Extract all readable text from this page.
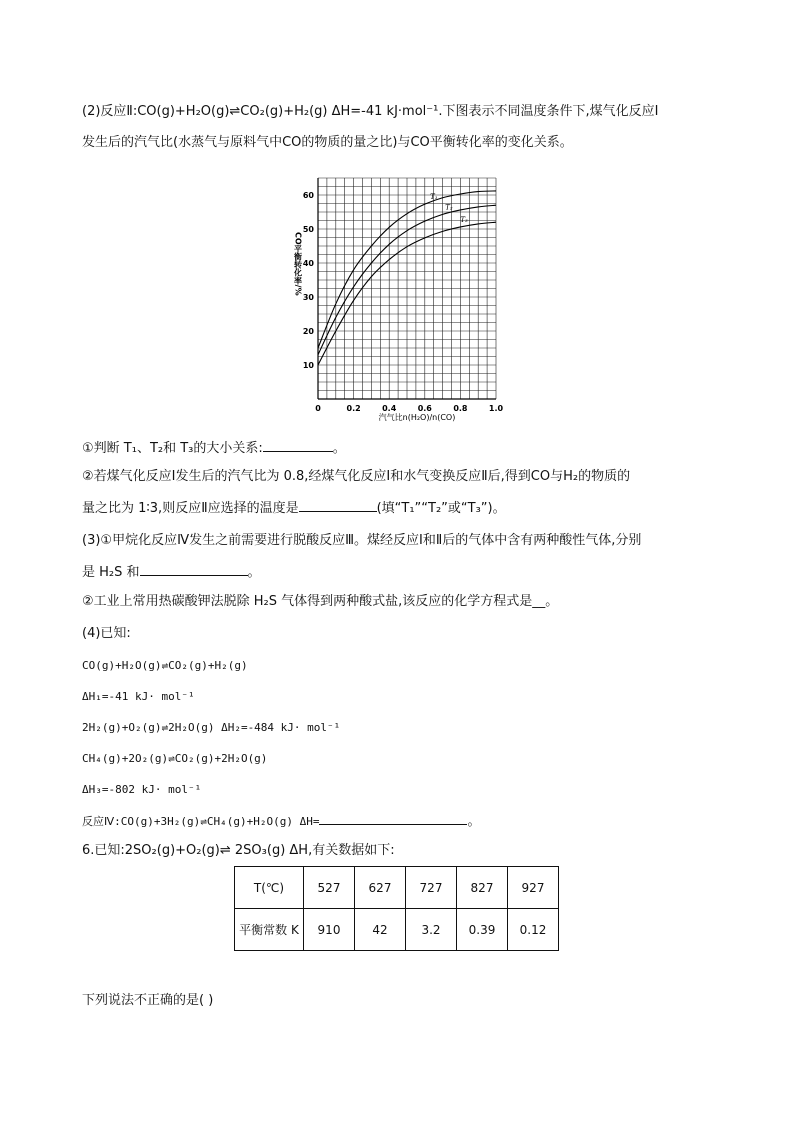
(2)反应Ⅱ:CO(g)+H₂O(g)⇌CO₂(g)+H₂(g) ΔH=-41 kJ·mol⁻¹.下图表示不同温度条件下,煤气化反应Ⅰ
发生后的汽气比(水蒸气与原料气中CO的物质的量之比)与CO平衡转化率的变化关系。
0	0.2	0.4	0.6	0.8	1.0
10
20
30
40
50
60	T₁
T₂
T₃
汽气比n(H₂O)/n(CO)
CO平衡转化率/%
①判断 T₁、T₂和 T₃的大小关系:	。
②若煤气化反应Ⅰ发生后的汽气比为 0.8,经煤气化反应Ⅰ和水气变换反应Ⅱ后,得到CO与H₂的物质的
量之比为 1∶3,则反应Ⅱ应选择的温度是	(填“T₁”“T₂”或“T₃”)。
(3)①甲烷化反应Ⅳ发生之前需要进行脱酸反应Ⅲ。煤经反应Ⅰ和Ⅱ后的气体中含有两种酸性气体,分别
是 H₂S 和	。
②工业上常用热碳酸钾法脱除 H₂S 气体得到两种酸式盐,该反应的化学方程式是__。
(4)已知:
CO(g)+H₂O(g)⇌CO₂(g)+H₂(g)
ΔH₁=-41 kJ· mol⁻¹
2H₂(g)+O₂(g)⇌2H₂O(g) ΔH₂=-484 kJ· mol⁻¹
CH₄(g)+2O₂(g)⇌CO₂(g)+2H₂O(g)
ΔH₃=-802 kJ· mol⁻¹
反应Ⅳ:CO(g)+3H₂(g)⇌CH₄(g)+H₂O(g) ΔH=	。
6.已知:2SO₂(g)+O₂(g)⇌ 2SO₃(g) ΔH,有关数据如下:
T(℃)	527	627	727	827	927
平衡常数 K	910	42	3.2	0.39	0.12
下列说法不正确的是( )
